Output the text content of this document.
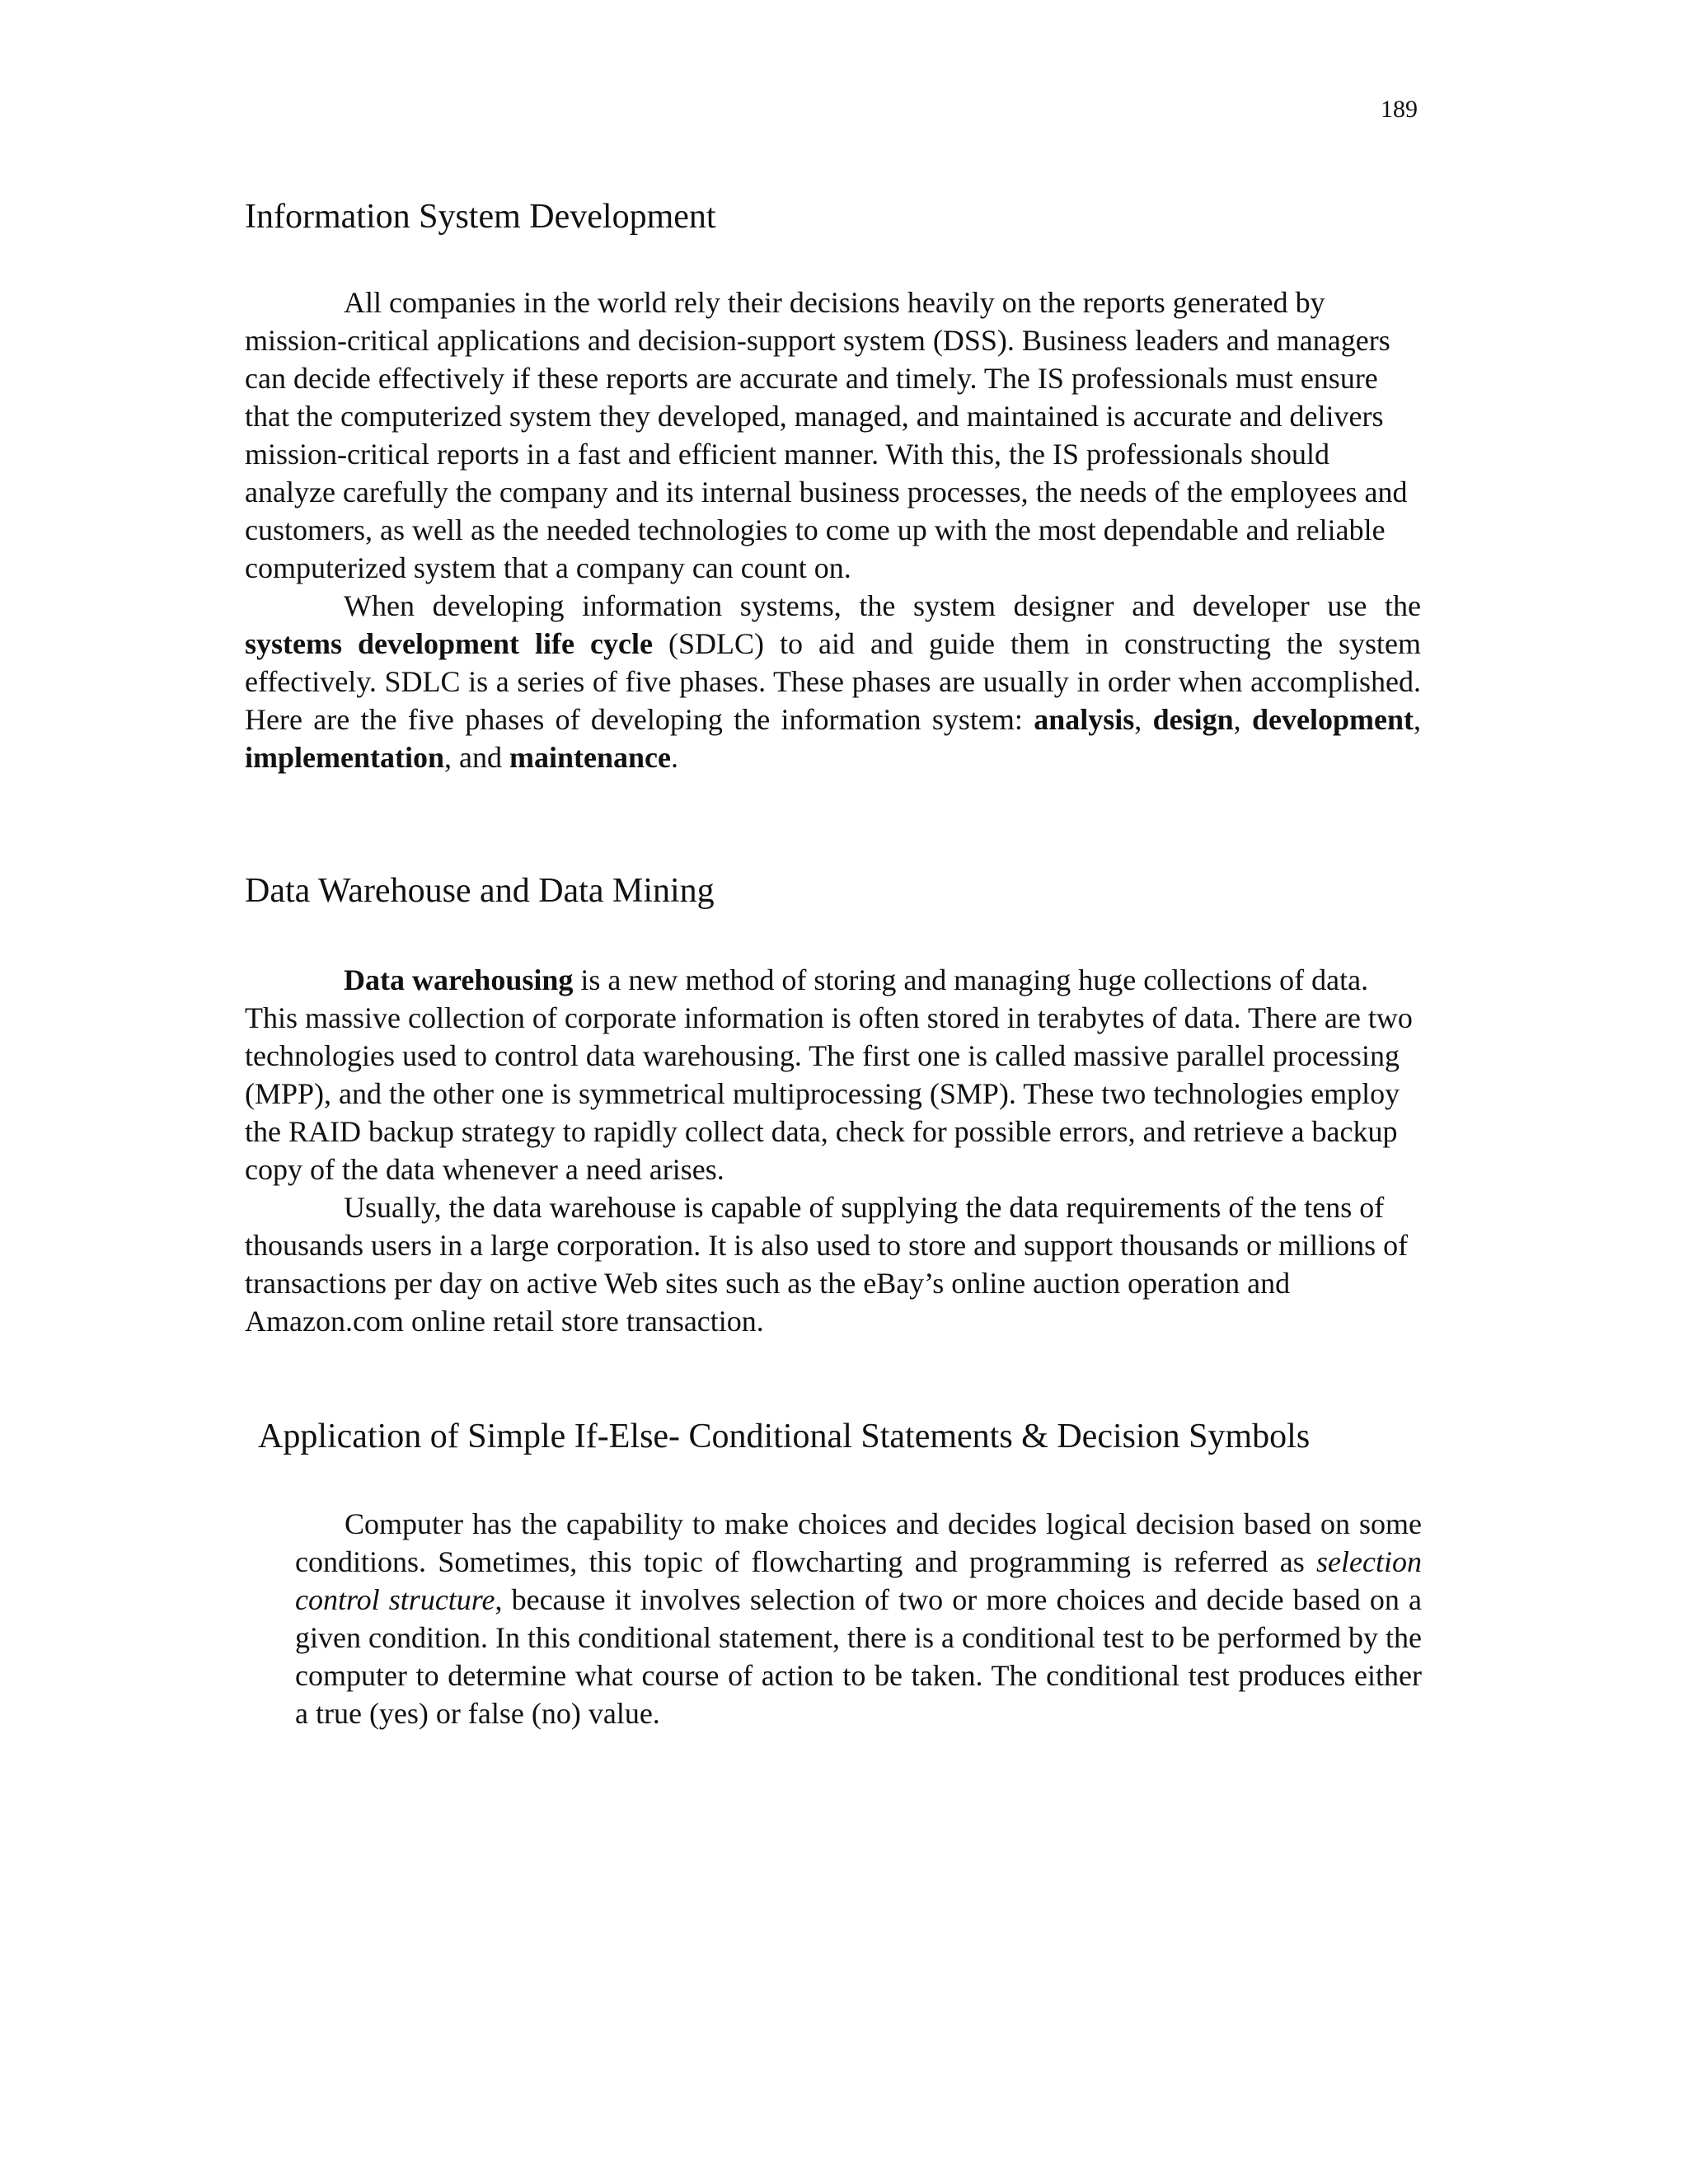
189
Information System Development

All companies in the world rely their decisions heavily on the reports generated by mission-critical applications and decision-support system (DSS). Business leaders and managers can decide effectively if these reports are accurate and timely. The IS professionals must ensure that the computerized system they developed, managed, and maintained is accurate and delivers mission-critical reports in a fast and efficient manner. With this, the IS professionals should analyze carefully the company and its internal business processes, the needs of the employees and customers, as well as the needed technologies to come up with the most dependable and reliable computerized system that a company can count on.

When developing information systems, the system designer and developer use the systems development life cycle (SDLC) to aid and guide them in constructing the system effectively. SDLC is a series of five phases. These phases are usually in order when accomplished. Here are the five phases of developing the information system: analysis, design, development, implementation, and maintenance.

Data Warehouse and Data Mining

Data warehousing is a new method of storing and managing huge collections of data. This massive collection of corporate information is often stored in terabytes of data. There are two technologies used to control data warehousing. The first one is called massive parallel processing (MPP), and the other one is symmetrical multiprocessing (SMP). These two technologies employ the RAID backup strategy to rapidly collect data, check for possible errors, and retrieve a backup copy of the data whenever a need arises.

Usually, the data warehouse is capable of supplying the data requirements of the tens of thousands users in a large corporation. It is also used to store and support thousands or millions of transactions per day on active Web sites such as the eBay’s online auction operation and Amazon.com online retail store transaction.

Application of Simple If-Else- Conditional Statements & Decision Symbols

Computer has the capability to make choices and decides logical decision based on some conditions. Sometimes, this topic of flowcharting and programming is referred as selection control structure, because it involves selection of two or more choices and decide based on a given condition. In this conditional statement, there is a conditional test to be performed by the computer to determine what course of action to be taken. The conditional test produces either a true (yes) or false (no) value.
